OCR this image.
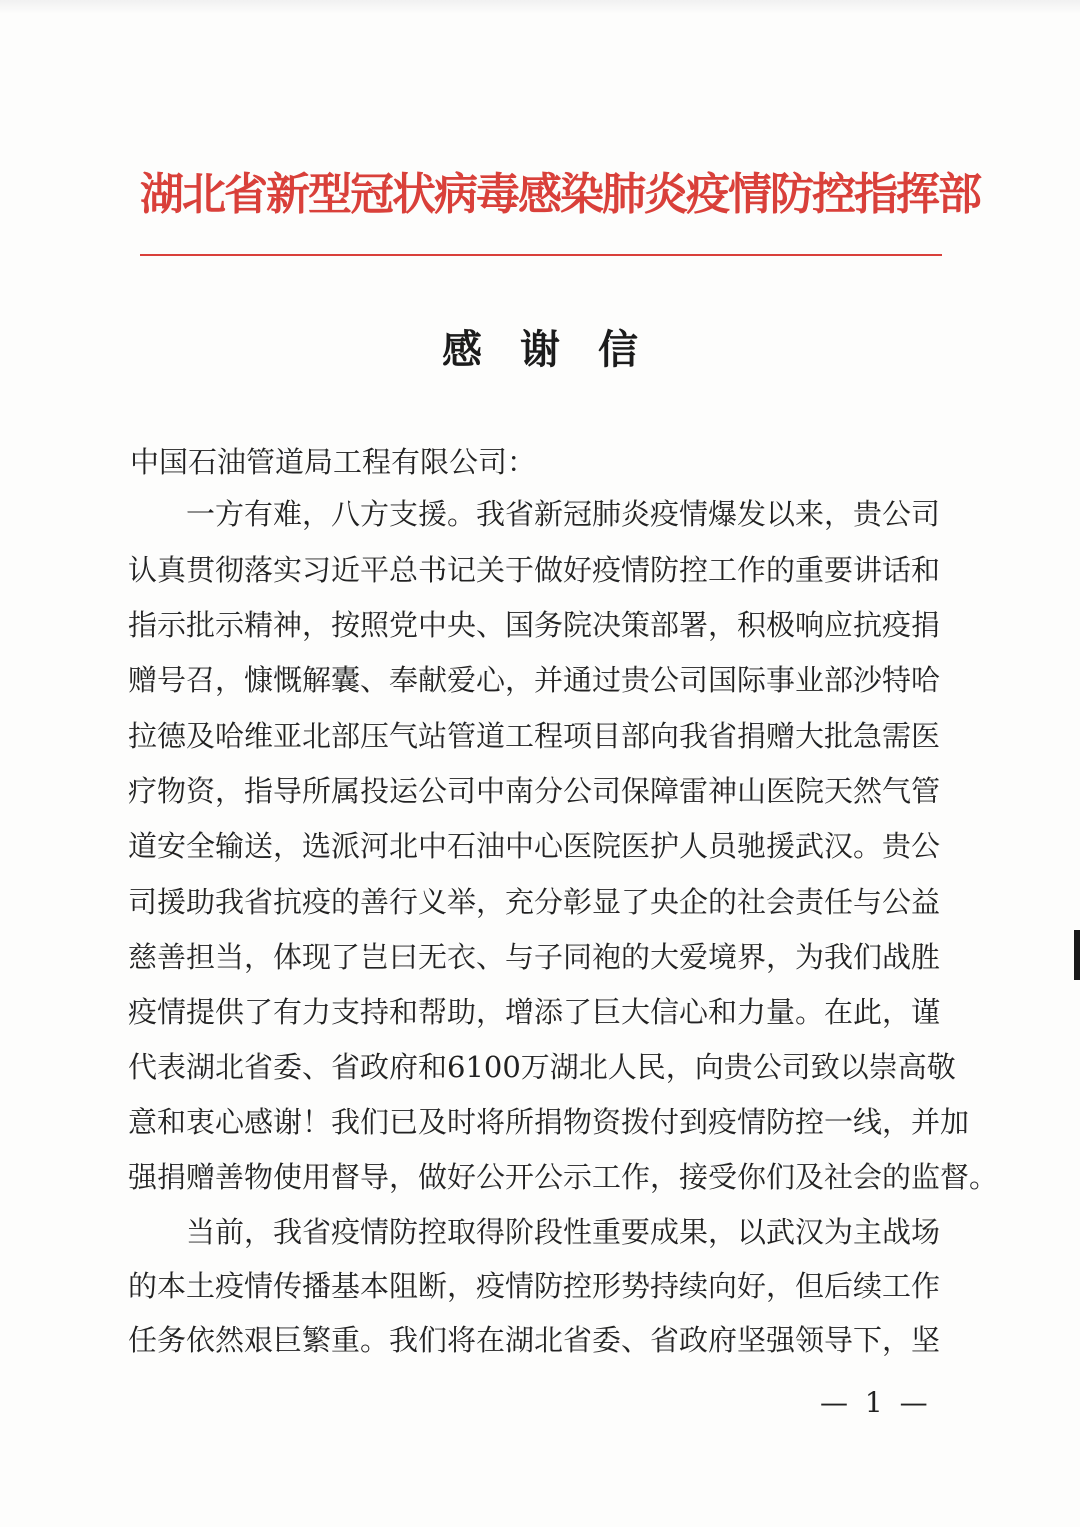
湖北省新型冠状病毒感染肺炎疫情防控指挥部
感谢信
中国石油管道局工程有限公司：
一方有难，八方支援。我省新冠肺炎疫情爆发以来，贵公司
认真贯彻落实习近平总书记关于做好疫情防控工作的重要讲话和
指示批示精神，按照党中央、国务院决策部署，积极响应抗疫捐
赠号召，慷慨解囊、奉献爱心，并通过贵公司国际事业部沙特哈
拉德及哈维亚北部压气站管道工程项目部向我省捐赠大批急需医
疗物资，指导所属投运公司中南分公司保障雷神山医院天然气管
道安全输送，选派河北中石油中心医院医护人员驰援武汉。贵公
司援助我省抗疫的善行义举，充分彰显了央企的社会责任与公益
慈善担当，体现了岂曰无衣、与子同袍的大爱境界，为我们战胜
疫情提供了有力支持和帮助，增添了巨大信心和力量。在此，谨
代表湖北省委、省政府和6100万湖北人民，向贵公司致以崇高敬
意和衷心感谢！我们已及时将所捐物资拨付到疫情防控一线，并加
强捐赠善物使用督导，做好公开公示工作，接受你们及社会的监督。
当前，我省疫情防控取得阶段性重要成果，以武汉为主战场
的本土疫情传播基本阻断，疫情防控形势持续向好，但后续工作
任务依然艰巨繁重。我们将在湖北省委、省政府坚强领导下，坚
— 1 —
